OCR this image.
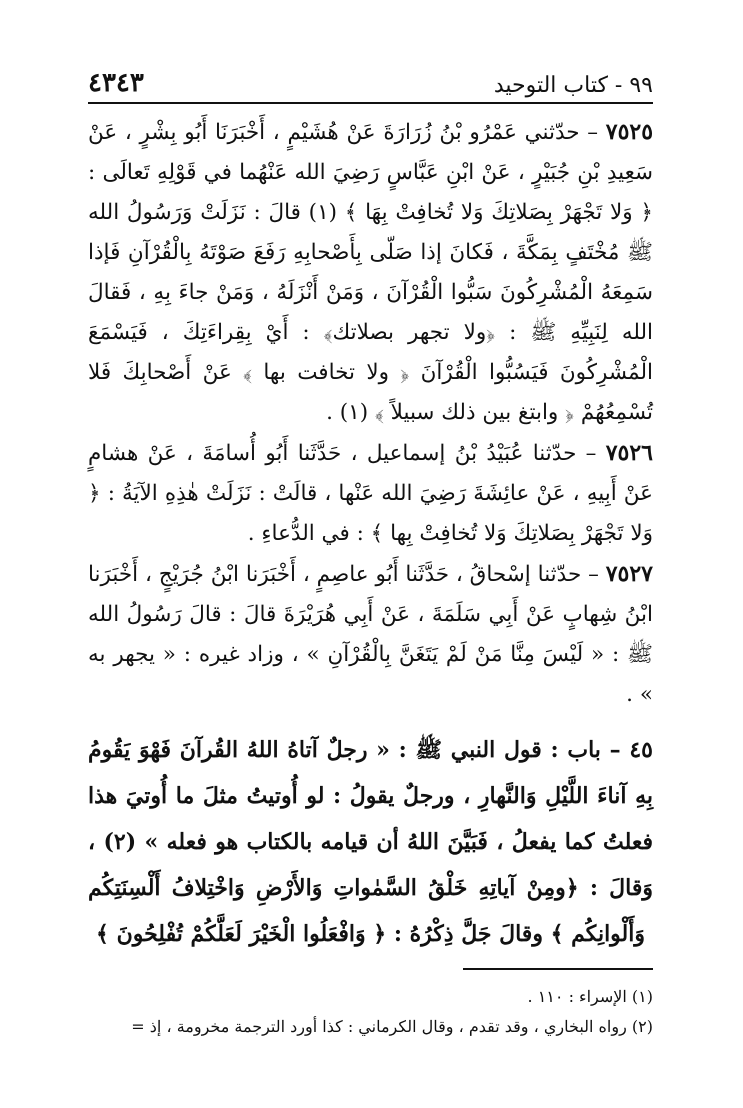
٤٣٤٣	٩٩ - كتاب التوحيد

٧٥٢٥ – حدّثني عَمْرُو بْنُ زُرَارَةَ عَنْ هُشَيْمٍ ، أَخْبَرَنَا أَبُو بِشْرٍ ، عَنْ سَعِيدِ بْنِ جُبَيْرٍ ، عَنْ ابْنِ عَبَّاسٍ رَضِيَ الله عَنْهُما في قَوْلِهِ تَعالَى : ﴿ وَلا تَجْهَرْ بِصَلاتِكَ وَلا تُخافِتْ بِهَا ﴾ (١) قالَ : نَزَلَتْ وَرَسُولُ الله ﷺ مُخْتَفٍ بِمَكَّةَ ، فَكانَ إذا صَلّى بِأَصْحابِهِ رَفَعَ صَوْتَهُ بِالْقُرْآنِ فَإذا سَمِعَهُ الْمُشْرِكُونَ سَبُّوا الْقُرْآنَ ، وَمَنْ أَنْزَلَهُ ، وَمَنْ جاءَ بِهِ ، فَقالَ الله لِنَبِيِّهِ ﷺ : ﴿ولا تجهر بصلاتك﴾ : أَيْ بِقِراءَتِكَ ، فَيَسْمَعَ الْمُشْرِكُونَ فَيَسُبُّوا الْقُرْآنَ ﴿ ولا تخافت بها ﴾ عَنْ أَصْحابِكَ فَلا تُسْمِعُهُمْ ﴿ وابتغ بين ذلك سبيلاً ﴾ (١) .

٧٥٢٦ – حدّثنا عُبَيْدُ بْنُ إسماعيل ، حَدَّثَنا أَبُو أُسامَةَ ، عَنْ هشامٍ عَنْ أَبِيهِ ، عَنْ عائِشَةَ رَضِيَ الله عَنْها ، قالَتْ : نَزَلَتْ هٰذِهِ الآيَةُ : ﴿ وَلا تَجْهَرْ بِصَلاتِكَ وَلا تُخافِتْ بِها ﴾ : في الدُّعاءِ .

٧٥٢٧ – حدّثنا إسْحاقُ ، حَدَّثَنا أَبُو عاصِمٍ ، أَخْبَرَنا ابْنُ جُرَيْجٍ ، أَخْبَرَنا ابْنُ شِهابٍ عَنْ أَبِي سَلَمَةَ ، عَنْ أَبِي هُرَيْرَةَ قالَ : قالَ رَسُولُ الله ﷺ : « لَيْسَ مِنَّا مَنْ لَمْ يَتَغَنَّ بِالْقُرْآنِ » ، وزاد غيره : « يجهر به » .

٤٥ – باب : قول النبي ﷺ : « رجلٌ آتاهُ اللهُ القُرآنَ فَهْوَ يَقُومُ بِهِ آناءَ اللَّيْلِ وَالنَّهارِ ، ورجلٌ يقولُ : لو أُوتيتُ مثلَ ما أُوتيَ هذا فعلتُ كما يفعلُ ، فَبَيَّنَ اللهُ أن قيامه بالكتاب هو فعله » (٢) ، وَقالَ : ﴿ومِنْ آياتِهِ خَلْقُ السَّمٰواتِ وَالأَرْضِ وَاخْتِلافُ أَلْسِنَتِكُم وَأَلْوانِكُم ﴾ وقالَ جَلَّ ذِكْرُهُ : ﴿ وَافْعَلُوا الْخَيْرَ لَعَلَّكُمْ تُفْلِحُونَ ﴾

(١) الإسراء : ١١٠ .

(٢) رواه البخاري ، وقد تقدم ، وقال الكرماني : كذا أورد الترجمة مخرومة ، إذ =
